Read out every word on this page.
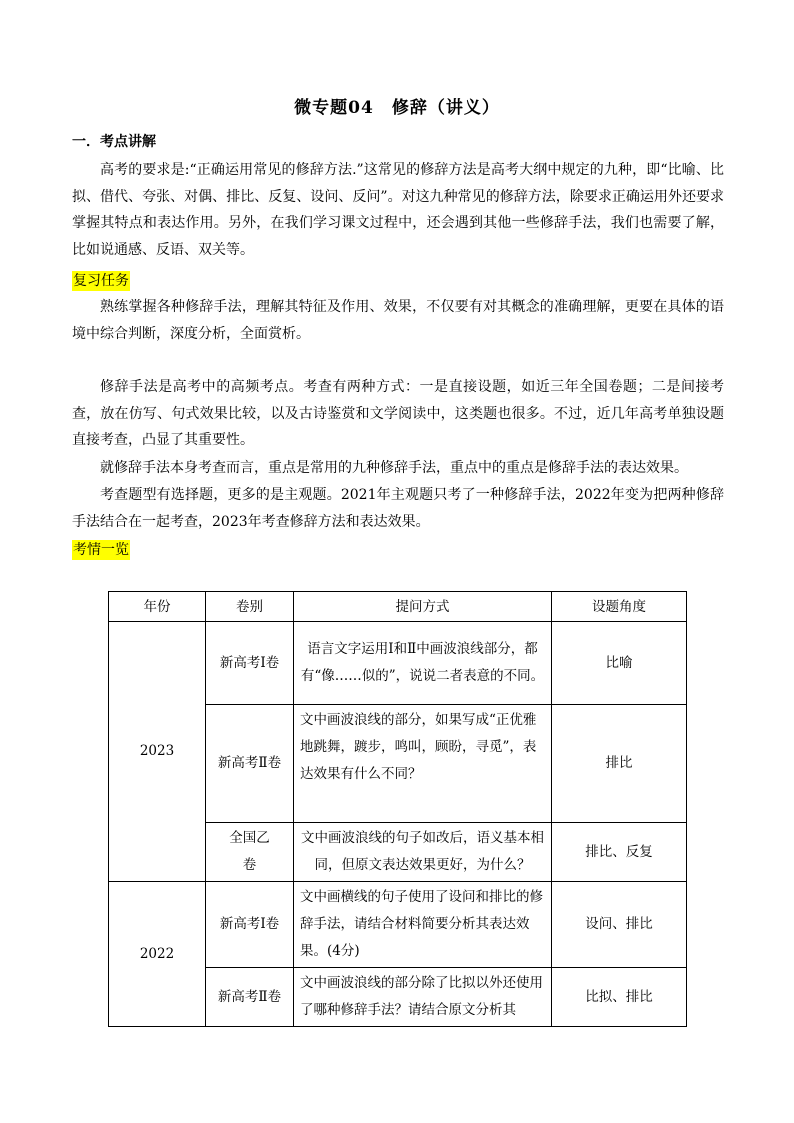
微专题04　修辞（讲义）
一．考点讲解
高考的要求是:“正确运用常见的修辞方法.”这常见的修辞方法是高考大纲中规定的九种，即“比喻、比拟、借代、夸张、对偶、排比、反复、设问、反问”。对这九种常见的修辞方法，除要求正确运用外还要求掌握其特点和表达作用。另外，在我们学习课文过程中，还会遇到其他一些修辞手法，我们也需要了解，比如说通感、反语、双关等。
复习任务
熟练掌握各种修辞手法，理解其特征及作用、效果，不仅要有对其概念的准确理解，更要在具体的语境中综合判断，深度分析，全面赏析。
修辞手法是高考中的高频考点。考查有两种方式：一是直接设题，如近三年全国卷题；二是间接考查，放在仿写、句式效果比较，以及古诗鉴赏和文学阅读中，这类题也很多。不过，近几年高考单独设题直接考查，凸显了其重要性。
就修辞手法本身考查而言，重点是常用的九种修辞手法，重点中的重点是修辞手法的表达效果。
考查题型有选择题，更多的是主观题。2021年主观题只考了一种修辞手法，2022年变为把两种修辞手法结合在一起考查，2023年考查修辞方法和表达效果。
考情一览
年份	卷别	提问方式	设题角度
2023	新高考Ⅰ卷	语言文字运用Ⅰ和Ⅱ中画波浪线部分，都有“像……似的”，说说二者表意的不同。	比喻
	新高考Ⅱ卷	文中画波浪线的部分，如果写成“正优雅地跳舞，踱步，鸣叫，顾盼，寻觅”，表达效果有什么不同？	排比
	全国乙卷	文中画波浪线的句子如改后，语义基本相同，但原文表达效果更好，为什么？	排比、反复
2022	新高考Ⅰ卷	文中画横线的句子使用了设问和排比的修辞手法，请结合材料简要分析其表达效果。(4分)	设问、排比
	新高考Ⅱ卷	文中画波浪线的部分除了比拟以外还使用了哪种修辞手法？请结合原文分析其	比拟、排比
